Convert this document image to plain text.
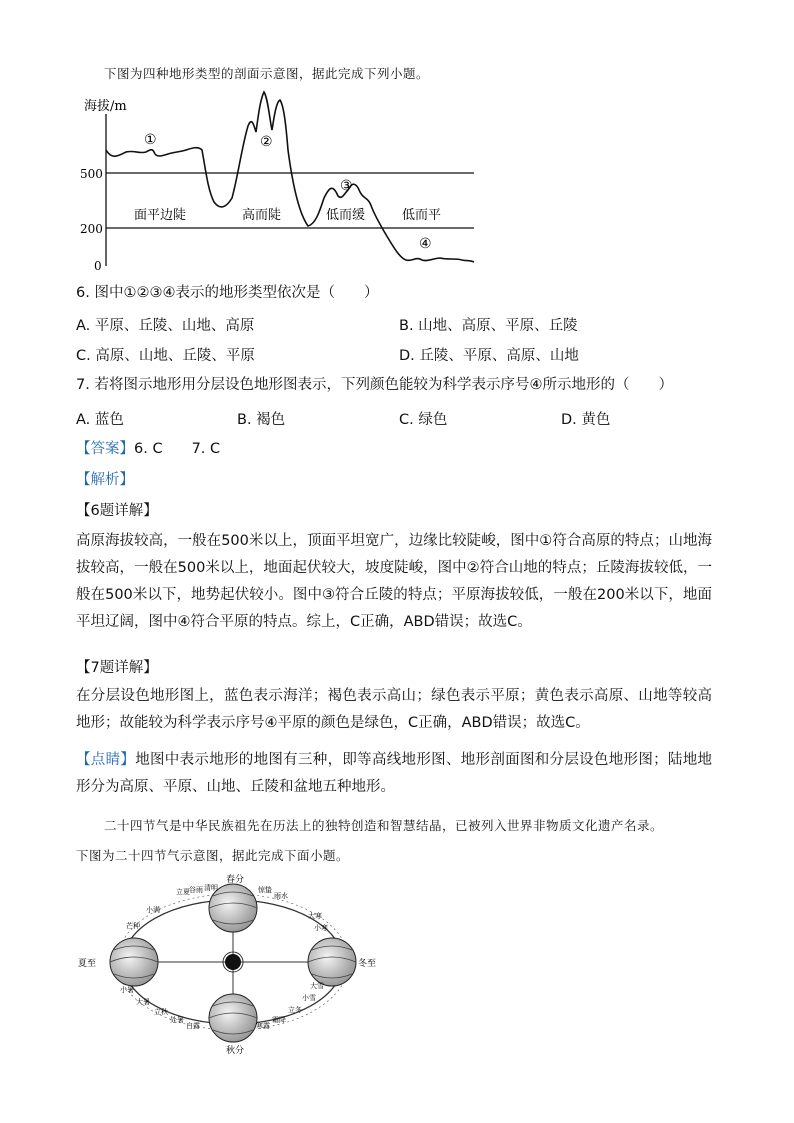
下图为四种地形类型的剖面示意图，据此完成下列小题。
海拔/m
500
200
0
①	②
③
④
面平边陡	高而陡	低而缓	低而平
6. 图中①②③④表示的地形类型依次是（　　）
A. 平原、丘陵、山地、高原	B. 山地、高原、平原、丘陵
C. 高原、山地、丘陵、平原	D. 丘陵、平原、高原、山地
7. 若将图示地形用分层设色地形图表示，下列颜色能较为科学表示序号④所示地形的（　　）
A. 蓝色	B. 褐色	C. 绿色	D. 黄色
【答案】6. C　　7. C
【解析】
【6题详解】
高原海拔较高，一般在500米以上，顶面平坦宽广，边缘比较陡峻，图中①符合高原的特点；山地海拔较高，一般在500米以上，地面起伏较大，坡度陡峻，图中②符合山地的特点；丘陵海拔较低，一般在500米以下，地势起伏较小。图中③符合丘陵的特点；平原海拔较低，一般在200米以下，地面平坦辽阔，图中④符合平原的特点。综上，C正确，ABD错误；故选C。
【7题详解】
在分层设色地形图上，蓝色表示海洋；褐色表示高山；绿色表示平原；黄色表示高原、山地等较高地形；故能较为科学表示序号④平原的颜色是绿色，C正确，ABD错误；故选C。
【点睛】地图中表示地形的地图有三种，即等高线地形图、地形剖面图和分层设色地形图；陆地地形分为高原、平原、山地、丘陵和盆地五种地形。
二十四节气是中华民族祖先在历法上的独特创造和智慧结晶，已被列入世界非物质文化遗产名录。
下图为二十四节气示意图，据此完成下面小题。
春分
夏至	冬至
秋分
立夏 谷雨 清明
小满
芒种
惊蛰
雨水
大寒
小寒
小暑
大暑
立秋
处暑
白露	寒露
霜降
立冬
小雪
大雪
